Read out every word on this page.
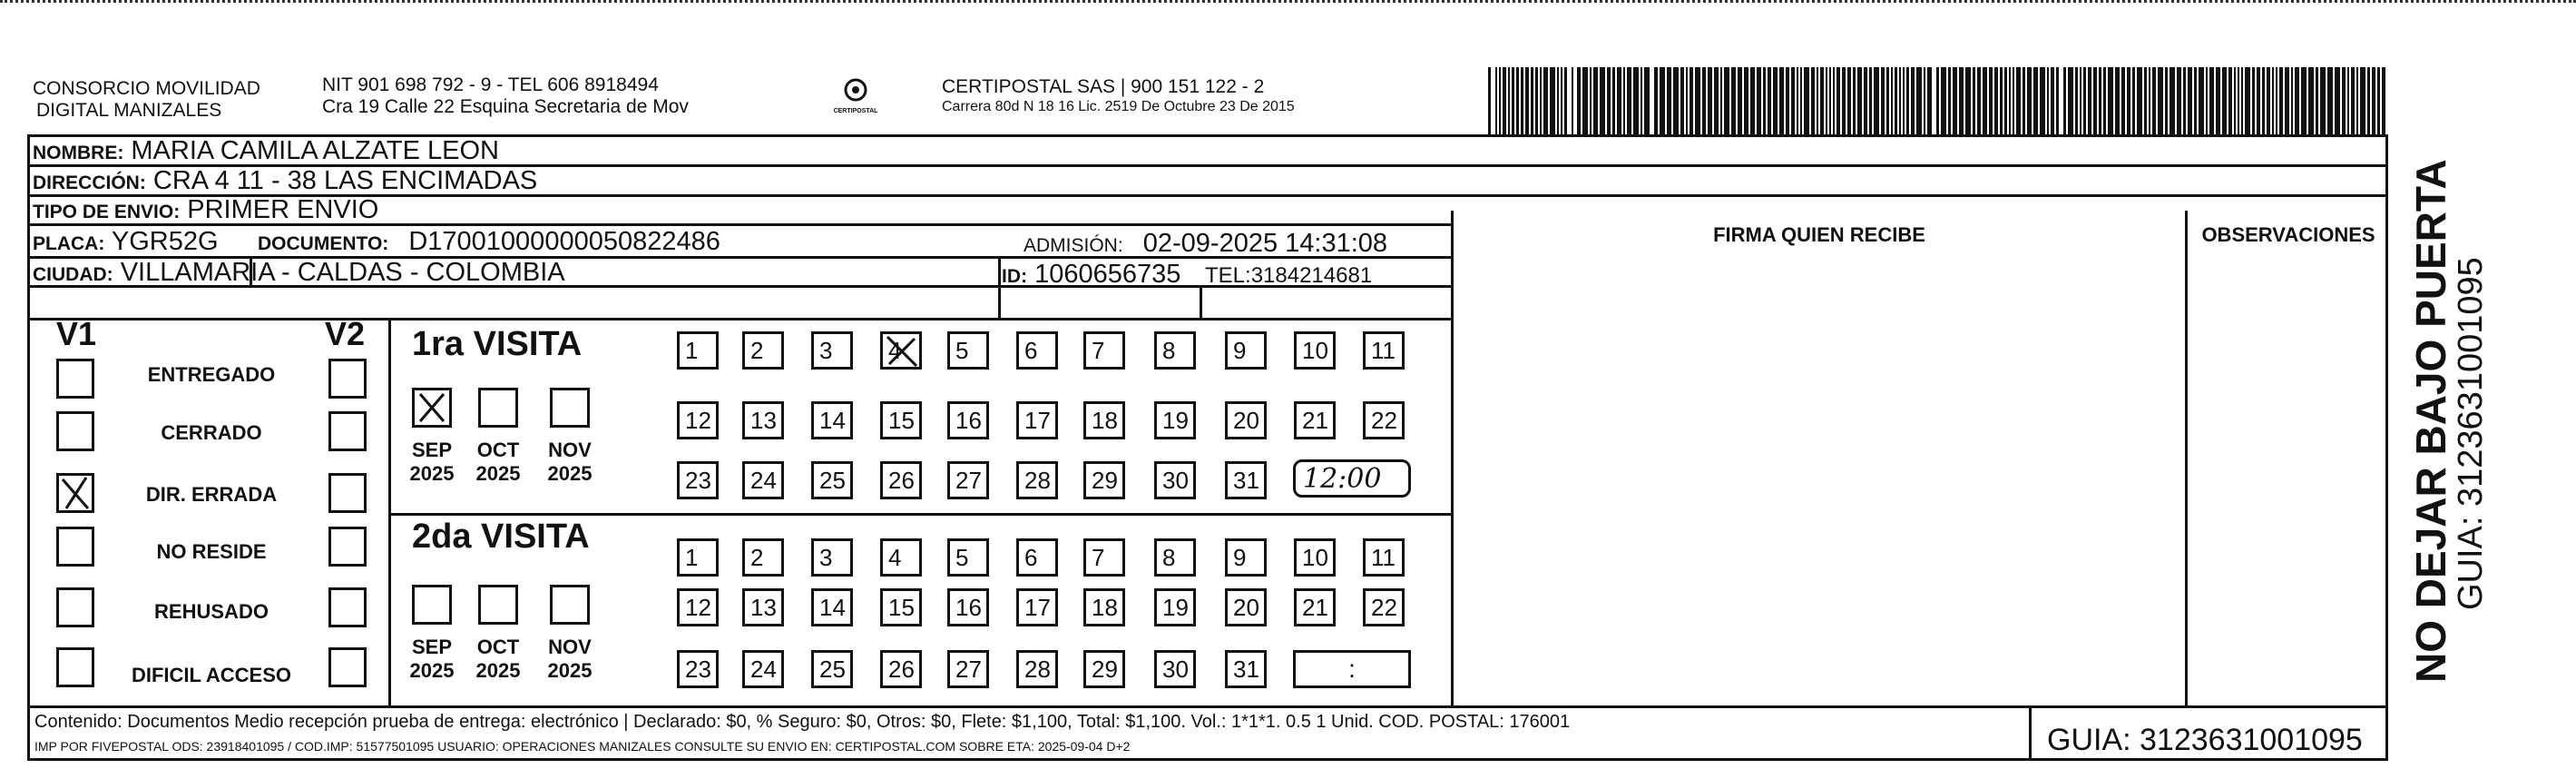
CONSORCIO MOVILIDAD
DIGITAL MANIZALES
NIT 901 698 792 - 9 - TEL 606 8918494
Cra 19 Calle 22 Esquina Secretaria de Mov	CERTIPOSTAL
CERTIPOSTAL SAS | 900 151 122 - 2
Carrera 80d N 18 16 Lic. 2519 De Octubre 23 De 2015
NOMBRE: MARIA CAMILA ALZATE LEON
DIRECCIÓN: CRA 4 11 - 38 LAS ENCIMADAS
TIPO DE ENVIO: PRIMER ENVIO
PLACA: YGR52G DOCUMENTO: D17001000000050822486	ADMISIÓN: 02-09-2025 14:31:08
CIUDAD: VILLAMARIA - CALDAS - COLOMBIA	ID: 1060656735 TEL:3184214681
FIRMA QUIEN RECIBE	OBSERVACIONES
V1	V2
ENTREGADO
CERRADO
DIR. ERRADA
NO RESIDE
REHUSADO
DIFICIL ACCESO
1ra VISITA
2da VISITA
SEP
2025
OCT
2025
NOV
2025
1	2	3	4	5	6	7	8	9	10	11
12	13	14	15	16	17	18	19	20	21	22
23	24	25	26	27	28	29	30	31
SEP
2025
OCT
2025
NOV
2025
1	2	3	4	5	6	7	8	9	10	11
12	13	14	15	16	17	18	19	20	21	22
23	24	25	26	27	28	29	30	31
12:00
:	NO DEJAR BAJO PUERTA
GUIA: 3123631001095
Contenido: Documentos Medio recepción prueba de entrega: electrónico | Declarado: $0, % Seguro: $0, Otros: $0, Flete: $1,100, Total: $1,100. Vol.: 1*1*1. 0.5 1 Unid. COD. POSTAL: 176001
IMP POR FIVEPOSTAL ODS: 23918401095 / COD.IMP: 51577501095 USUARIO: OPERACIONES MANIZALES CONSULTE SU ENVIO EN: CERTIPOSTAL.COM SOBRE ETA: 2025-09-04 D+2	GUIA: 3123631001095
